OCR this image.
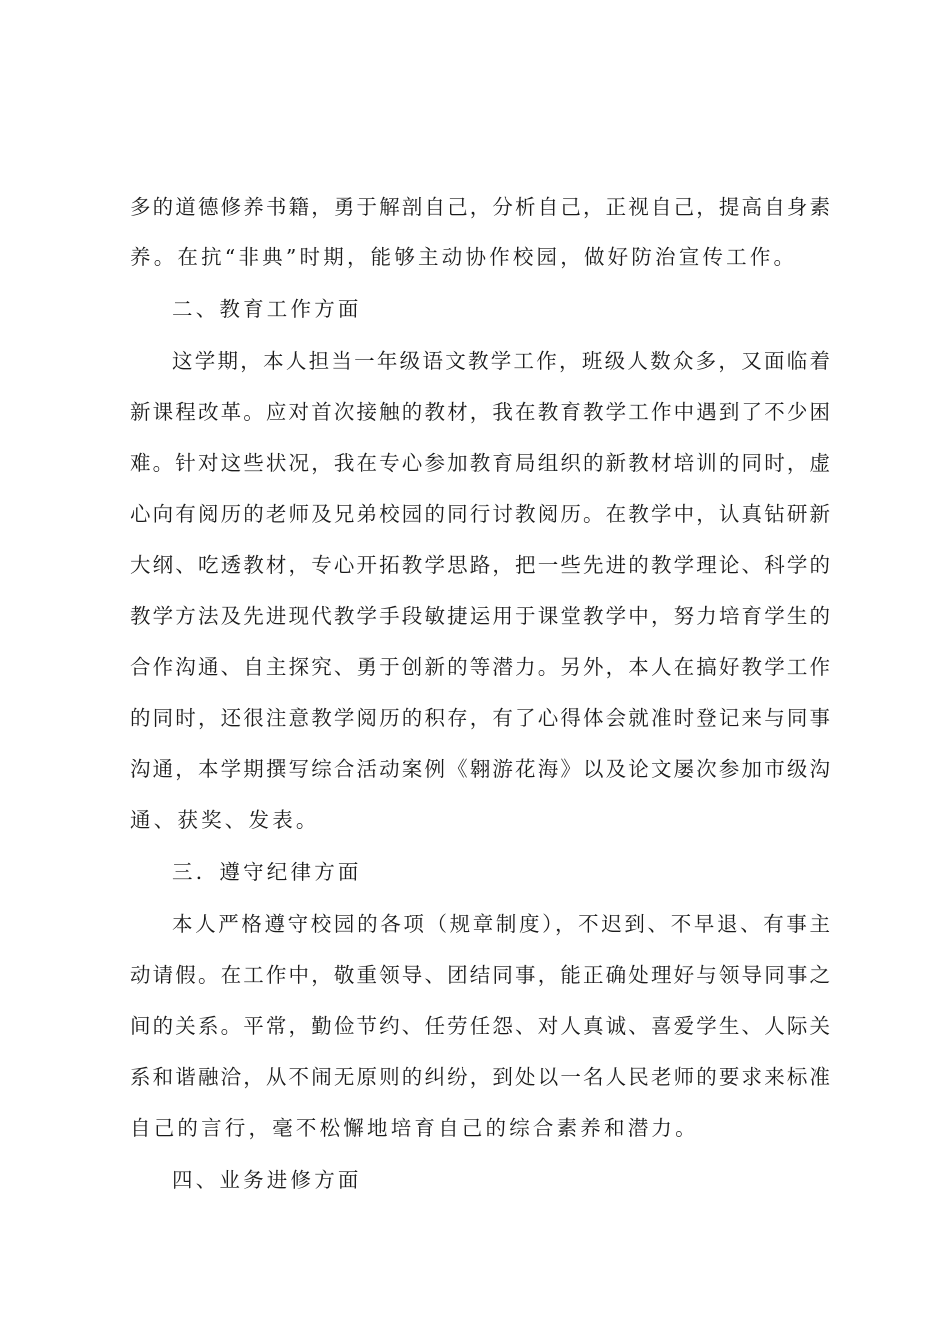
多的道德修养书籍，勇于解剖自己，分析自己，正视自己，提高自身素
养。在抗“非典”时期，能够主动协作校园，做好防治宣传工作。
二、教育工作方面
这学期，本人担当一年级语文教学工作，班级人数众多，又面临着
新课程改革。应对首次接触的教材，我在教育教学工作中遇到了不少困
难。针对这些状况，我在专心参加教育局组织的新教材培训的同时，虚
心向有阅历的老师及兄弟校园的同行讨教阅历。在教学中，认真钻研新
大纲、吃透教材，专心开拓教学思路，把一些先进的教学理论、科学的
教学方法及先进现代教学手段敏捷运用于课堂教学中，努力培育学生的
合作沟通、自主探究、勇于创新的等潜力。另外，本人在搞好教学工作
的同时，还很注意教学阅历的积存，有了心得体会就准时登记来与同事
沟通，本学期撰写综合活动案例《翱游花海》以及论文屡次参加市级沟
通、获奖、发表。
三．遵守纪律方面
本人严格遵守校园的各项（规章制度），不迟到、不早退、有事主
动请假。在工作中，敬重领导、团结同事，能正确处理好与领导同事之
间的关系。平常，勤俭节约、任劳任怨、对人真诚、喜爱学生、人际关
系和谐融洽，从不闹无原则的纠纷，到处以一名人民老师的要求来标准
自己的言行，毫不松懈地培育自己的综合素养和潜力。
四、业务进修方面
